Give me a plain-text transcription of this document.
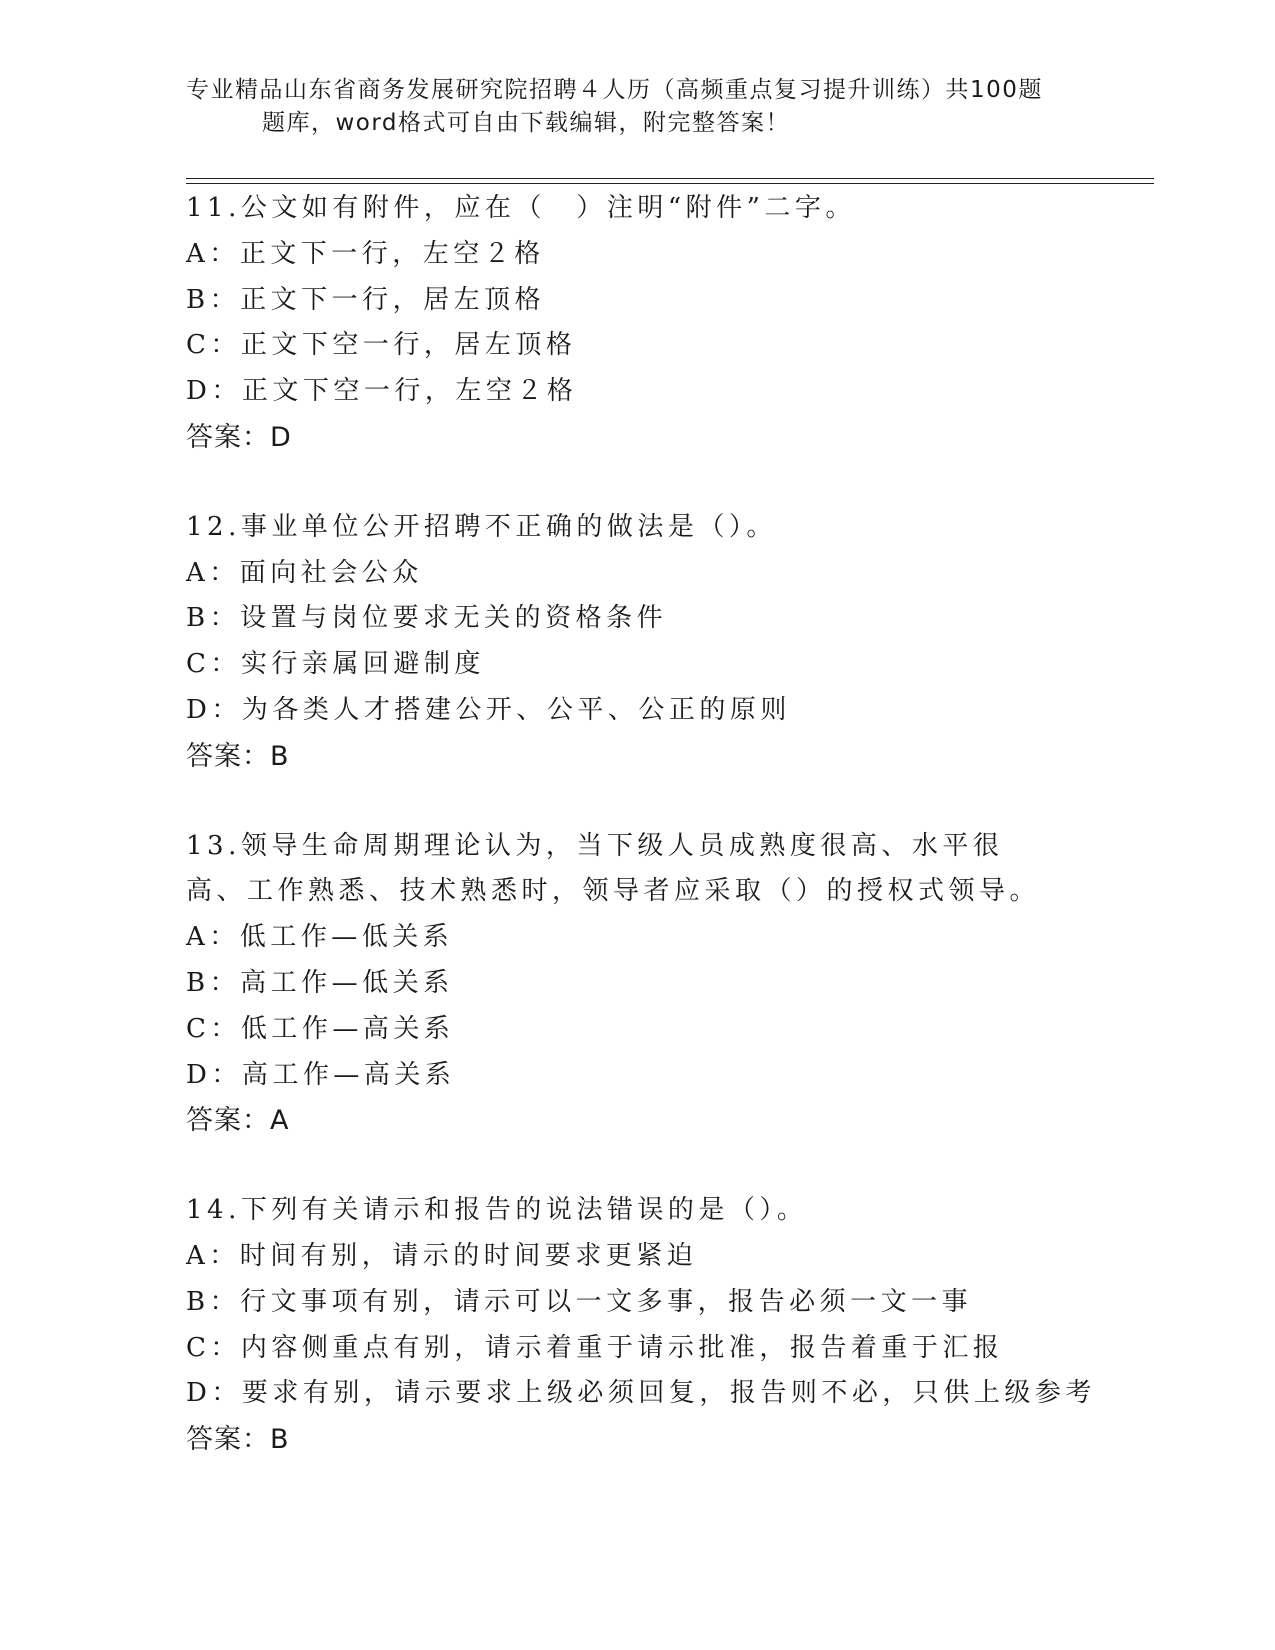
专业精品山东省商务发展研究院招聘４人历（高频重点复习提升训练）共100题
题库，word格式可自由下载编辑，附完整答案！
11.公文如有附件，应在（　）注明“附件”二字。
A：正文下一行，左空２格
B：正文下一行，居左顶格
C：正文下空一行，居左顶格
D：正文下空一行，左空２格
答案：D
12.事业单位公开招聘不正确的做法是（）。
A：面向社会公众
B：设置与岗位要求无关的资格条件
C：实行亲属回避制度
D：为各类人才搭建公开、公平、公正的原则
答案：B
13.领导生命周期理论认为，当下级人员成熟度很高、水平很高、工作熟悉、技术熟悉时，领导者应采取（）的授权式领导。
A：低工作—低关系
B：高工作—低关系
C：低工作—高关系
D：高工作—高关系
答案：A
14.下列有关请示和报告的说法错误的是（）。
A：时间有别，请示的时间要求更紧迫
B：行文事项有别，请示可以一文多事，报告必须一文一事
C：内容侧重点有别，请示着重于请示批准，报告着重于汇报
D：要求有别，请示要求上级必须回复，报告则不必，只供上级参考
答案：B
